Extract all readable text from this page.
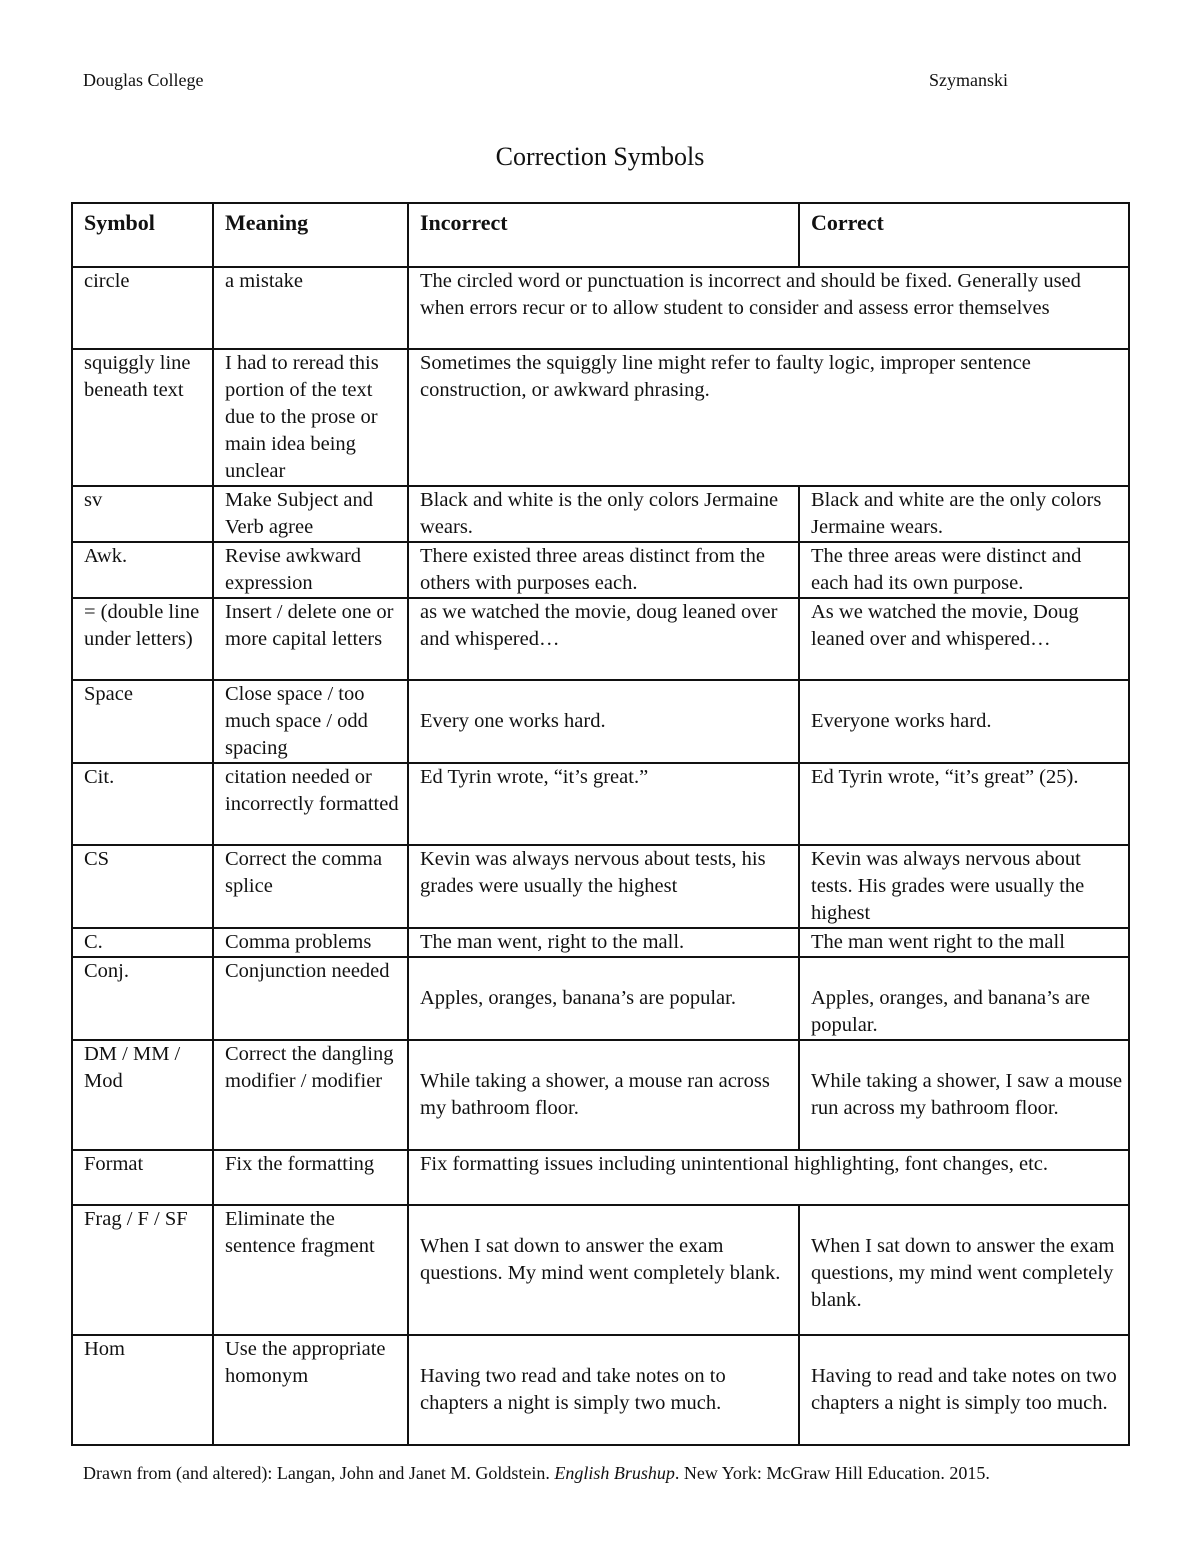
Douglas College	Szymanski
Correction Symbols
Symbol	Meaning	Incorrect	Correct
circle	a mistake	The circled word or punctuation is incorrect and should be fixed. Generally used when errors recur or to allow student to consider and assess error themselves	
squiggly line beneath text	I had to reread this portion of the text due to the prose or main idea being unclear	Sometimes the squiggly line might refer to faulty logic, improper sentence construction, or awkward phrasing.	
sv	Make Subject and Verb agree	Black and white is the only colors Jermaine wears.	Black and white are the only colors Jermaine wears.
Awk.	Revise awkward expression	There existed three areas distinct from the others with purposes each.	The three areas were distinct and each had its own purpose.
= (double line under letters)	Insert / delete one or more capital letters	as we watched the movie, doug leaned over and whispered…	As we watched the movie, Doug leaned over and whispered…
Space	Close space / too much space / odd spacing	Every one works hard.	Everyone works hard.
Cit.	citation needed or incorrectly formatted	Ed Tyrin wrote, “it’s great.”	Ed Tyrin wrote, “it’s great” (25).
CS	Correct the comma splice	Kevin was always nervous about tests, his grades were usually the highest	Kevin was always nervous about tests. His grades were usually the highest
C.	Comma problems	The man went, right to the mall.	The man went right to the mall
Conj.	Conjunction needed	Apples, oranges, banana’s are popular.	Apples, oranges, and banana’s are popular.
DM / MM / Mod	Correct the dangling modifier / modifier	While taking a shower, a mouse ran across my bathroom floor.	While taking a shower, I saw a mouse run across my bathroom floor.
Format	Fix the formatting	Fix formatting issues including unintentional highlighting, font changes, etc.	
Frag / F / SF	Eliminate the sentence fragment	When I sat down to answer the exam questions. My mind went completely blank.	When I sat down to answer the exam questions, my mind went completely blank.
Hom	Use the appropriate homonym	Having two read and take notes on to chapters a night is simply two much.	Having to read and take notes on two chapters a night is simply too much.
Drawn from (and altered): Langan, John and Janet M. Goldstein. English Brushup. New York: McGraw Hill Education. 2015.
